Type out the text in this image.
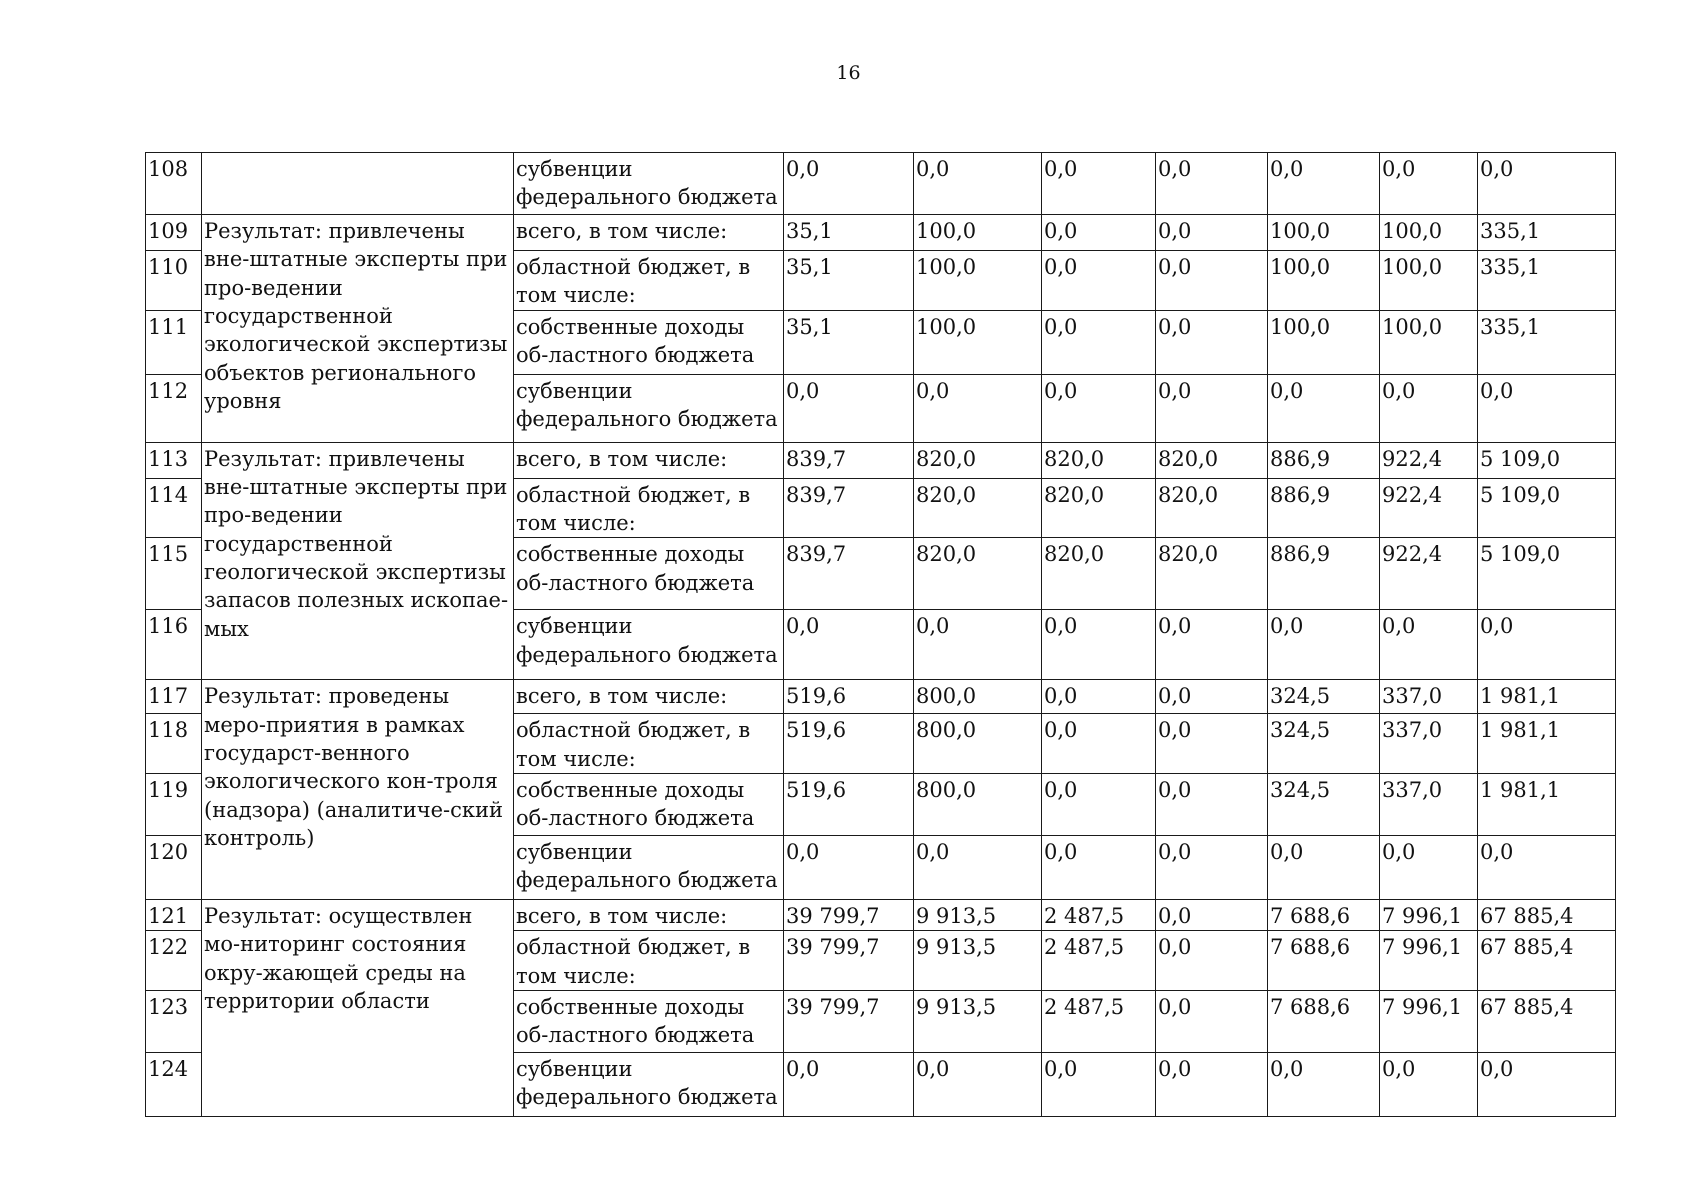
16
108		субвенции федерального бюджета	0,0	0,0	0,0	0,0	0,0	0,0	0,0
109	Результат: привлечены вне-штатные эксперты при про-ведении государственной экологической экспертизы объектов регионального уровня	всего, в том числе:	35,1	100,0	0,0	0,0	100,0	100,0	335,1
110		областной бюджет, в том числе:	35,1	100,0	0,0	0,0	100,0	100,0	335,1
111		собственные доходы об-ластного бюджета	35,1	100,0	0,0	0,0	100,0	100,0	335,1
112		субвенции федерального бюджета	0,0	0,0	0,0	0,0	0,0	0,0	0,0
113	Результат: привлечены вне-штатные эксперты при про-ведении государственной геологической экспертизы запасов полезных ископае-мых	всего, в том числе:	839,7	820,0	820,0	820,0	886,9	922,4	5 109,0
114		областной бюджет, в том числе:	839,7	820,0	820,0	820,0	886,9	922,4	5 109,0
115		собственные доходы об-ластного бюджета	839,7	820,0	820,0	820,0	886,9	922,4	5 109,0
116		субвенции федерального бюджета	0,0	0,0	0,0	0,0	0,0	0,0	0,0
117	Результат: проведены меро-приятия в рамках государст-венного экологического кон-троля (надзора) (аналитиче-ский контроль)	всего, в том числе:	519,6	800,0	0,0	0,0	324,5	337,0	1 981,1
118		областной бюджет, в том числе:	519,6	800,0	0,0	0,0	324,5	337,0	1 981,1
119		собственные доходы об-ластного бюджета	519,6	800,0	0,0	0,0	324,5	337,0	1 981,1
120		субвенции федерального бюджета	0,0	0,0	0,0	0,0	0,0	0,0	0,0
121	Результат: осуществлен мо-ниторинг состояния окру-жающей среды на территории области	всего, в том числе:	39 799,7	9 913,5	2 487,5	0,0	7 688,6	7 996,1	67 885,4
122		областной бюджет, в том числе:	39 799,7	9 913,5	2 487,5	0,0	7 688,6	7 996,1	67 885,4
123		собственные доходы об-ластного бюджета	39 799,7	9 913,5	2 487,5	0,0	7 688,6	7 996,1	67 885,4
124		субвенции федерального бюджета	0,0	0,0	0,0	0,0	0,0	0,0	0,0
